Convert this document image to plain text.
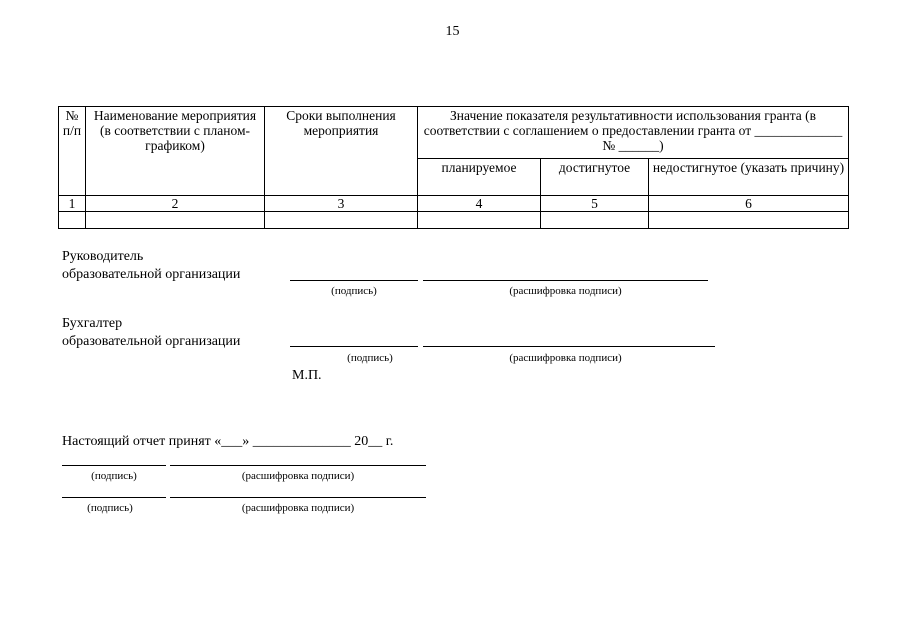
15
№ п/п	Наименование мероприятия (в соответствии с планом-графиком)	Сроки выполнения мероприятия	Значение показателя результативности использования гранта (в соответствии с соглашением о предоставлении гранта от _____________ № ______)		
			планируемое	достигнутое	недостигнутое (указать причину)
1	2	3	4	5	6

Руководитель
образовательной организации
(подпись)	(расшифровка подписи)
Бухгалтер
образовательной организации
(подпись)	(расшифровка подписи)
М.П.
Настоящий отчет принят «___» ______________ 20__ г.
(подпись)	(расшифровка подписи)
(подпись)	(расшифровка подписи)
